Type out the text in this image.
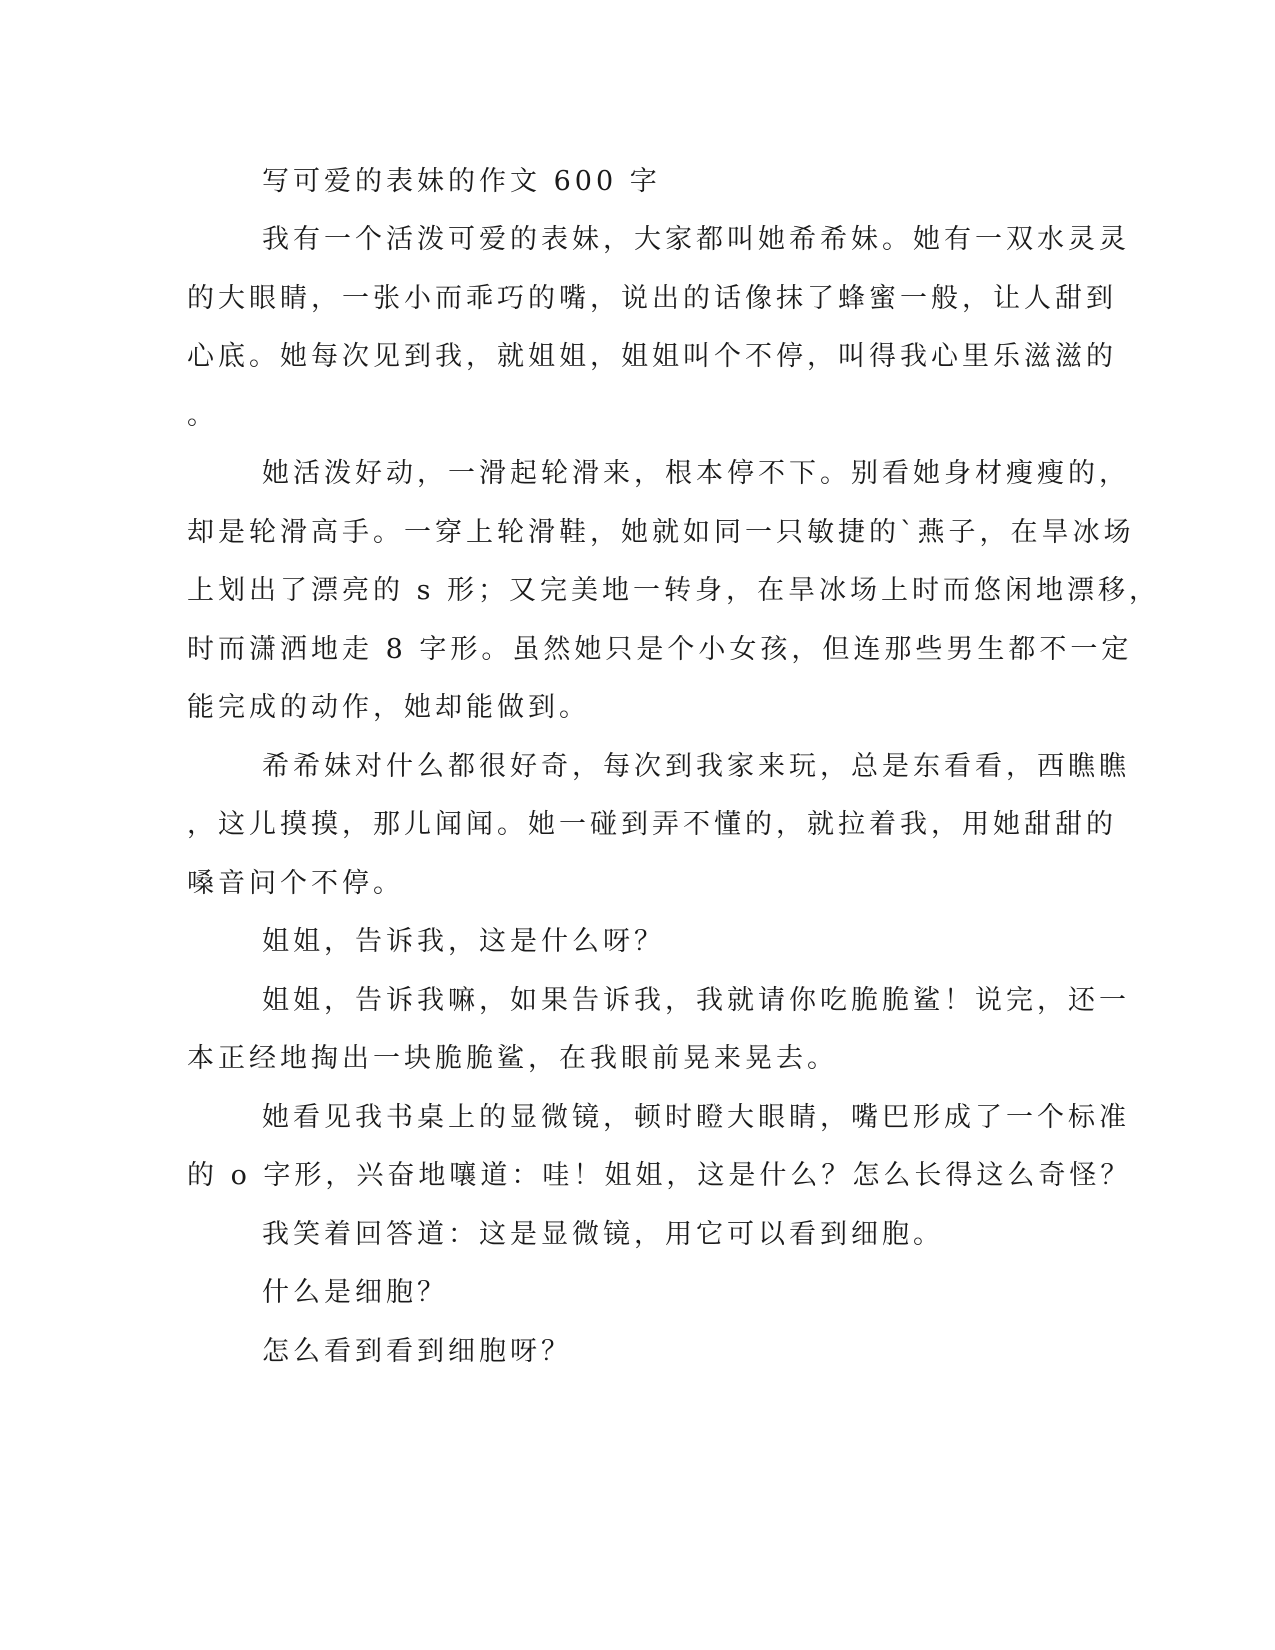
写可爱的表妹的作文 600 字
我有一个活泼可爱的表妹，大家都叫她希希妹。她有一双水灵灵
的大眼睛，一张小而乖巧的嘴，说出的话像抹了蜂蜜一般，让人甜到
心底。她每次见到我，就姐姐，姐姐叫个不停，叫得我心里乐滋滋的
。
她活泼好动，一滑起轮滑来，根本停不下。别看她身材瘦瘦的，
却是轮滑高手。一穿上轮滑鞋，她就如同一只敏捷的`燕子，在旱冰场
上划出了漂亮的 s 形；又完美地一转身，在旱冰场上时而悠闲地漂移，
时而潇洒地走 8 字形。虽然她只是个小女孩，但连那些男生都不一定
能完成的动作，她却能做到。
希希妹对什么都很好奇，每次到我家来玩，总是东看看，西瞧瞧
，这儿摸摸，那儿闻闻。她一碰到弄不懂的，就拉着我，用她甜甜的
嗓音问个不停。
姐姐，告诉我，这是什么呀？
姐姐，告诉我嘛，如果告诉我，我就请你吃脆脆鲨！说完，还一
本正经地掏出一块脆脆鲨，在我眼前晃来晃去。
她看见我书桌上的显微镜，顿时瞪大眼睛，嘴巴形成了一个标准
的 o 字形，兴奋地嚷道：哇！姐姐，这是什么？怎么长得这么奇怪？
我笑着回答道：这是显微镜，用它可以看到细胞。
什么是细胞？
怎么看到看到细胞呀？
